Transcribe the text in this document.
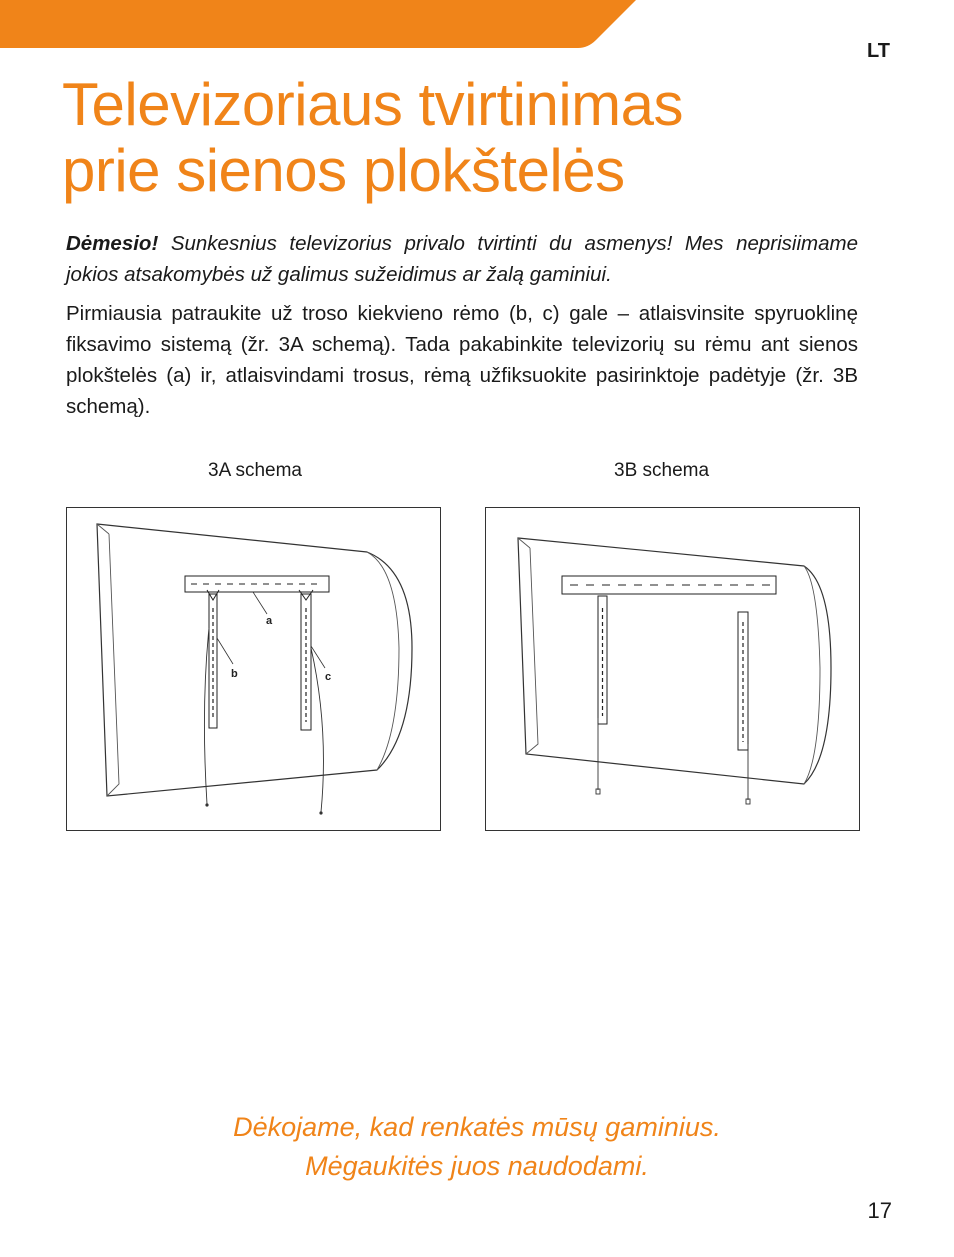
LT
Televizoriaus tvirtinimas
prie sienos plokštelės

Dėmesio! Sunkesnius televizorius privalo tvirtinti du asmenys! Mes neprisiimame jokios atsakomybės už galimus sužeidimus ar žalą gaminiui.

Pirmiausia patraukite už troso kiekvieno rėmo (b, c) gale – atlaisvinsite spyruoklinę fiksavimo sistemą (žr. 3A schemą). Tada pakabinkite televizorių su rėmu ant sienos plokštelės (a) ir, atlaisvindami trosus, rėmą užfiksuokite pasirinktoje padėtyje (žr. 3B schemą).

3A schema	3B schema
a
b	c
Dėkojame, kad renkatės mūsų gaminius.
Mėgaukitės juos naudodami.
17
